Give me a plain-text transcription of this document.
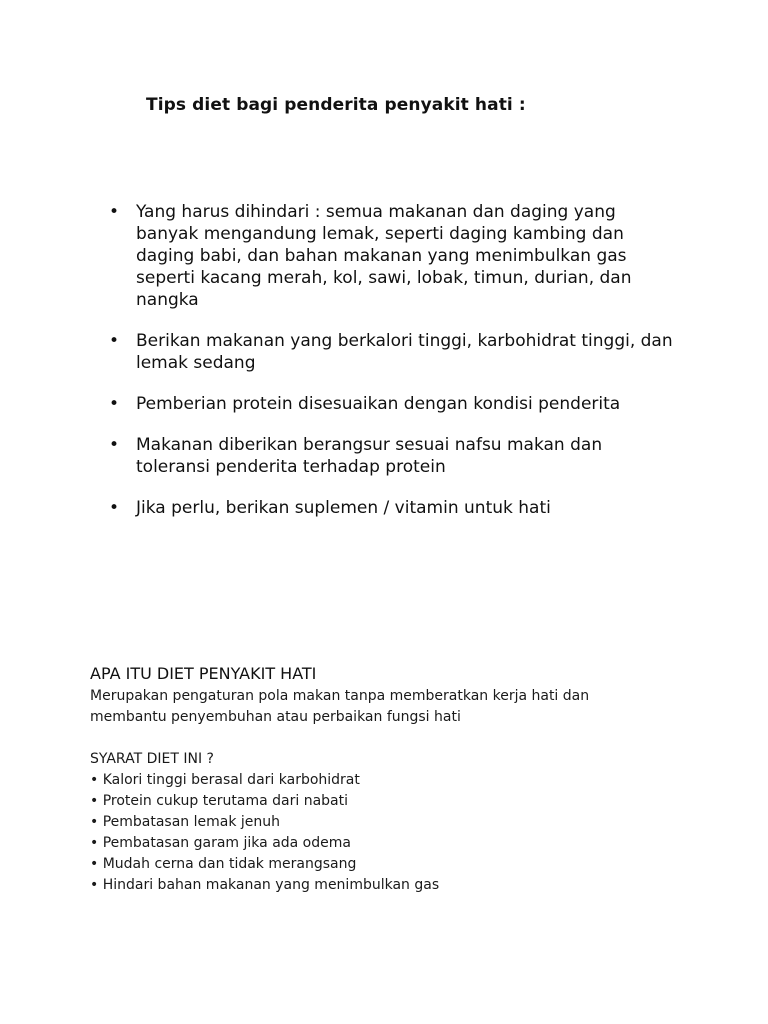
Tips diet bagi penderita penyakit hati :
• Yang harus dihindari : semua makanan dan daging yang banyak mengandung lemak, seperti daging kambing dan daging babi, dan bahan makanan yang menimbulkan gas seperti kacang merah, kol, sawi, lobak, timun, durian, dan nangka
• Berikan makanan yang berkalori tinggi, karbohidrat tinggi, dan lemak sedang
• Pemberian protein disesuaikan dengan kondisi penderita
• Makanan diberikan berangsur sesuai nafsu makan dan toleransi penderita terhadap protein
• Jika perlu, berikan suplemen / vitamin untuk hati
APA ITU DIET PENYAKIT HATI
Merupakan pengaturan pola makan tanpa memberatkan kerja hati dan
membantu penyembuhan atau perbaikan fungsi hati
SYARAT DIET INI ?
• Kalori tinggi berasal dari karbohidrat
• Protein cukup terutama dari nabati
• Pembatasan lemak jenuh
• Pembatasan garam jika ada odema
• Mudah cerna dan tidak merangsang
• Hindari bahan makanan yang menimbulkan gas
